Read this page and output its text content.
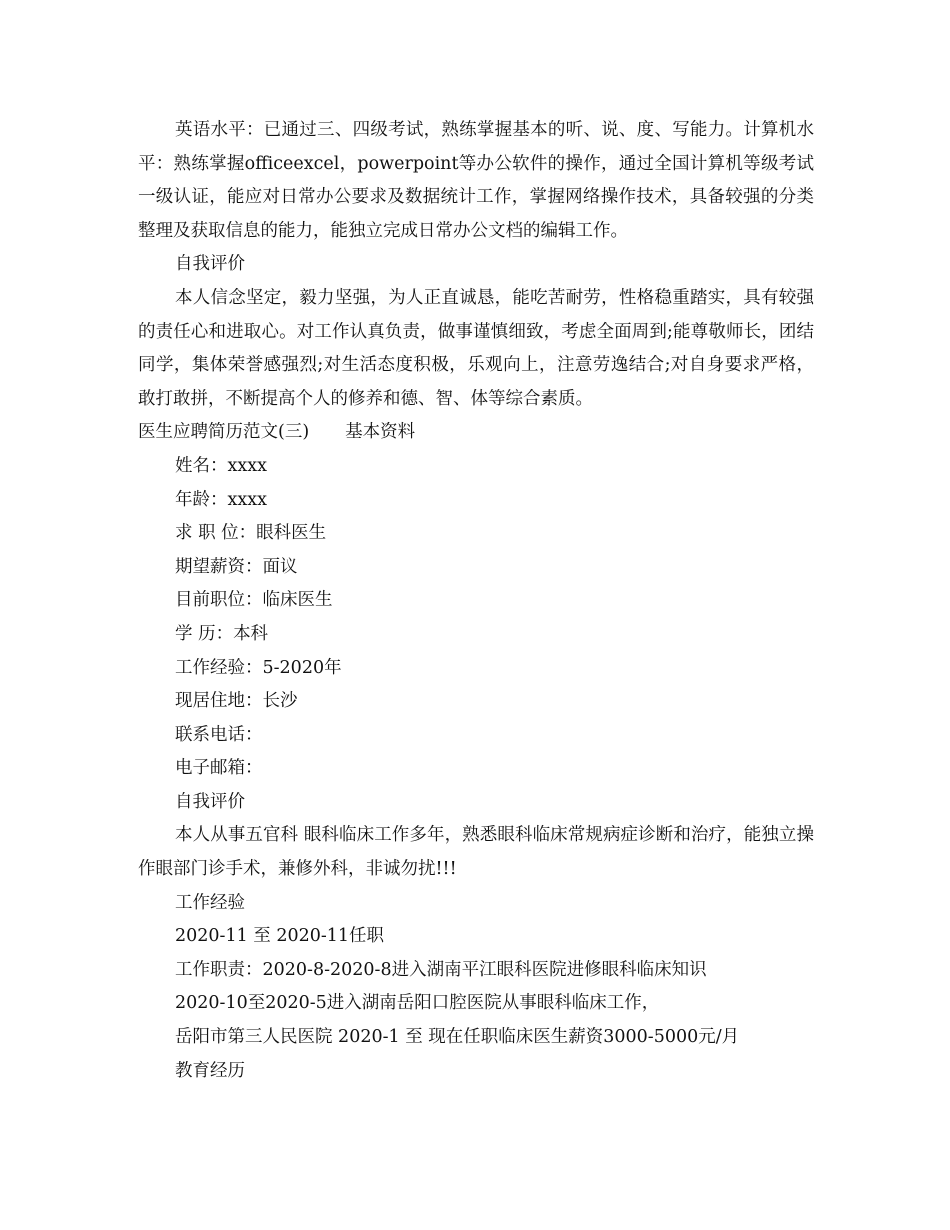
英语水平：已通过三、四级考试，熟练掌握基本的听、说、度、写能力。计算机水平：熟练掌握officeexcel，powerpoint等办公软件的操作，通过全国计算机等级考试一级认证，能应对日常办公要求及数据统计工作，掌握网络操作技术，具备较强的分类整理及获取信息的能力，能独立完成日常办公文档的编辑工作。
自我评价
本人信念坚定，毅力坚强，为人正直诚恳，能吃苦耐劳，性格稳重踏实，具有较强的责任心和进取心。对工作认真负责，做事谨慎细致，考虑全面周到;能尊敬师长，团结同学，集体荣誉感强烈;对生活态度积极，乐观向上，注意劳逸结合;对自身要求严格，敢打敢拼，不断提高个人的修养和德、智、体等综合素质。
医生应聘简历范文(三) 基本资料
姓名：xxxx
年龄：xxxx
求 职 位：眼科医生
期望薪资：面议
目前职位：临床医生
学 历：本科
工作经验：5-2020年
现居住地：长沙
联系电话：
电子邮箱：
自我评价
本人从事五官科 眼科临床工作多年，熟悉眼科临床常规病症诊断和治疗，能独立操作眼部门诊手术，兼修外科，非诚勿扰!!!
工作经验
2020-11 至 2020-11任职
工作职责：2020-8-2020-8进入湖南平江眼科医院进修眼科临床知识
2020-10至2020-5进入湖南岳阳口腔医院从事眼科临床工作，
岳阳市第三人民医院 2020-1 至 现在任职临床医生薪资3000-5000元/月
教育经历
